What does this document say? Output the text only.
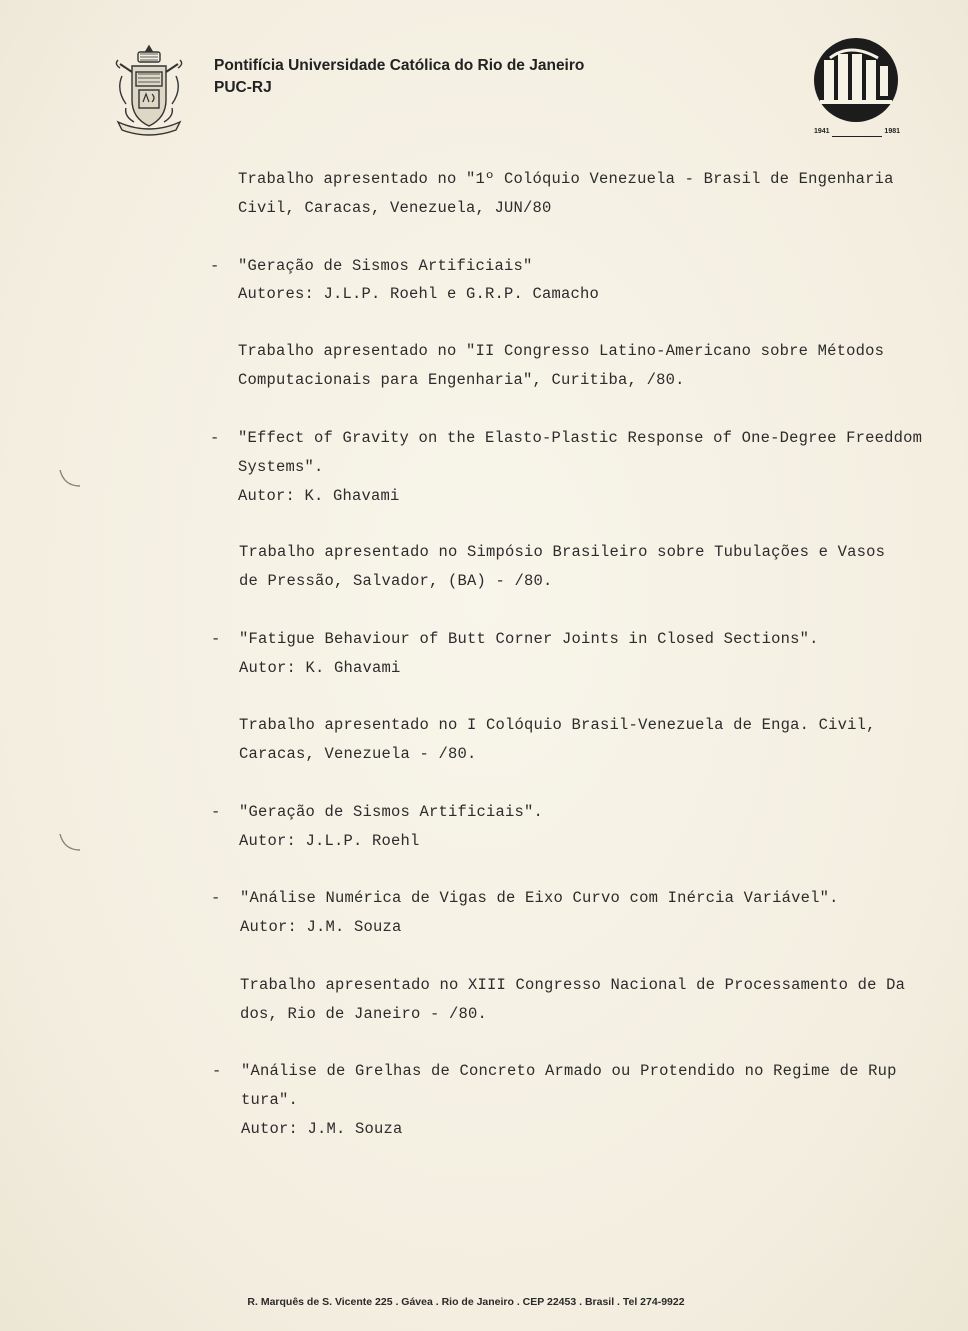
Pontifícia Universidade Católica do Rio de Janeiro
PUC-RJ
1941	1981
Trabalho apresentado no "1º Colóquio Venezuela - Brasil de Engenharia
Civil, Caracas, Venezuela, JUN/80
- "Geração de Sismos Artificiais"
Autores: J.L.P. Roehl e G.R.P. Camacho
Trabalho apresentado no "II Congresso Latino-Americano sobre Métodos
Computacionais para Engenharia", Curitiba, /80.
- "Effect of Gravity on the Elasto-Plastic Response of One-Degree Freeddom
Systems".
Autor: K. Ghavami
Trabalho apresentado no Simpósio Brasileiro sobre Tubulações e Vasos
de Pressão, Salvador, (BA) - /80.
- "Fatigue Behaviour of Butt Corner Joints in Closed Sections".
Autor: K. Ghavami
Trabalho apresentado no I Colóquio Brasil-Venezuela de Enga. Civil,
Caracas, Venezuela - /80.
- "Geração de Sismos Artificiais".
Autor: J.L.P. Roehl
- "Análise Numérica de Vigas de Eixo Curvo com Inércia Variável".
Autor: J.M. Souza
Trabalho apresentado no XIII Congresso Nacional de Processamento de Da
dos, Rio de Janeiro - /80.
- "Análise de Grelhas de Concreto Armado ou Protendido no Regime de Rup
tura".
Autor: J.M. Souza
R. Marquês de S. Vicente 225 . Gávea . Rio de Janeiro . CEP 22453 . Brasil . Tel 274-9922
